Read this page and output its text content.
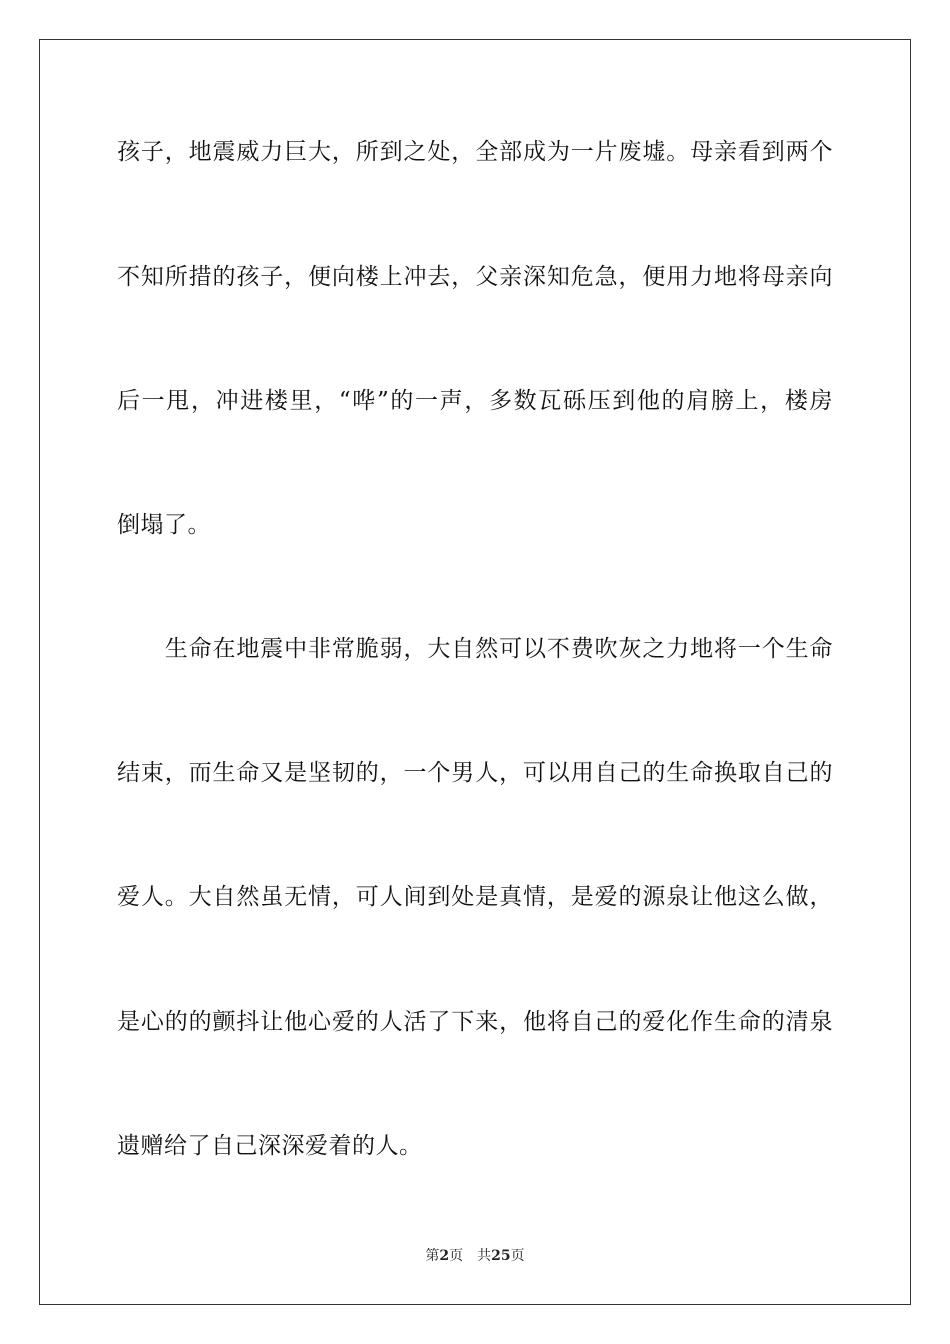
孩子，地震威力巨大，所到之处，全部成为一片废墟。母亲看到两个
不知所措的孩子，便向楼上冲去，父亲深知危急，便用力地将母亲向
后一甩，冲进楼里，“哗”的一声，多数瓦砾压到他的肩膀上，楼房
倒塌了。
　　生命在地震中非常脆弱，大自然可以不费吹灰之力地将一个生命
结束，而生命又是坚韧的，一个男人，可以用自己的生命换取自己的
爱人。大自然虽无情，可人间到处是真情，是爱的源泉让他这么做，
是心的的颤抖让他心爱的人活了下来，他将自己的爱化作生命的清泉
遗赠给了自己深深爱着的人。
第2页　共25页
